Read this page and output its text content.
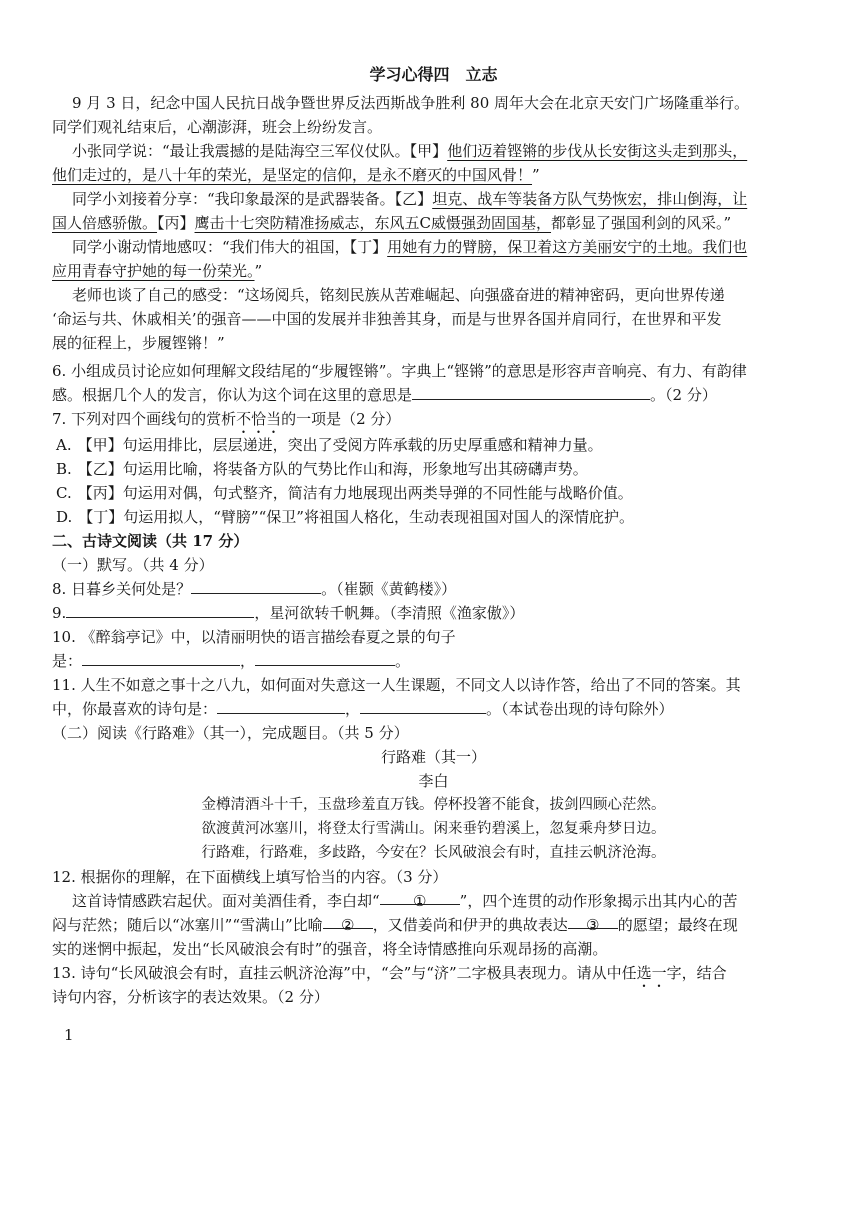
学习心得四　立志
9 月 3 日，纪念中国人民抗日战争暨世界反法西斯战争胜利 80 周年大会在北京天安门广场隆重举行。
同学们观礼结束后，心潮澎湃，班会上纷纷发言。
小张同学说：“最让我震撼的是陆海空三军仪仗队。【甲】他们迈着铿锵的步伐从长安街这头走到那头，
他们走过的，是八十年的荣光，是坚定的信仰，是永不磨灭的中国风骨！”
同学小刘接着分享：“我印象最深的是武器装备。【乙】坦克、战车等装备方队气势恢宏，排山倒海，让
国人倍感骄傲。【丙】鹰击十七突防精准扬威志，东风五C威慑强劲固国基，都彰显了强国利剑的风采。”
同学小谢动情地感叹：“我们伟大的祖国，【丁】用她有力的臂膀，保卫着这方美丽安宁的土地。我们也
应用青春守护她的每一份荣光。”
老师也谈了自己的感受：“这场阅兵，铭刻民族从苦难崛起、向强盛奋进的精神密码，更向世界传递
‘命运与共、休戚相关’的强音——中国的发展并非独善其身，而是与世界各国并肩同行，在世界和平发
展的征程上，步履铿锵！”
6. 小组成员讨论应如何理解文段结尾的“步履铿锵”。字典上“铿锵”的意思是形容声音响亮、有力、有韵律
感。根据几个人的发言，你认为这个词在这里的意思是	。（2 分）
7. 下列对四个画线句的赏析不恰当的一项是（2 分）
A. 【甲】句运用排比，层层递进，突出了受阅方阵承载的历史厚重感和精神力量。
B. 【乙】句运用比喻，将装备方队的气势比作山和海，形象地写出其磅礴声势。
C. 【丙】句运用对偶，句式整齐，简洁有力地展现出两类导弹的不同性能与战略价值。
D. 【丁】句运用拟人，“臂膀”“保卫”将祖国人格化，生动表现祖国对国人的深情庇护。
二、古诗文阅读（共 17 分）
（一）默写。（共 4 分）
8. 日暮乡关何处是？	。（崔颢《黄鹤楼》）
9.	，星河欲转千帆舞。（李清照《渔家傲》）
10. 《醉翁亭记》中，以清丽明快的语言描绘春夏之景的句子
是：	，	。
11. 人生不如意之事十之八九，如何面对失意这一人生课题，不同文人以诗作答，给出了不同的答案。其
中，你最喜欢的诗句是：	，	。（本试卷出现的诗句除外）
（二）阅读《行路难》（其一），完成题目。（共 5 分）
行路难（其一）
李白
金樽清酒斗十千，玉盘珍羞直万钱。停杯投箸不能食，拔剑四顾心茫然。
欲渡黄河冰塞川，将登太行雪满山。闲来垂钓碧溪上，忽复乘舟梦日边。
行路难，行路难，多歧路，今安在？长风破浪会有时，直挂云帆济沧海。
12. 根据你的理解，在下面横线上填写恰当的内容。（3 分）
这首诗情感跌宕起伏。面对美酒佳肴，李白却“ ① ”，四个连贯的动作形象揭示出其内心的苦
闷与茫然；随后以“冰塞川”“雪满山”比喻 ② ，又借姜尚和伊尹的典故表达 ③ 的愿望；最终在现
实的迷惘中振起，发出“长风破浪会有时”的强音，将全诗情感推向乐观昂扬的高潮。
13. 诗句“长风破浪会有时，直挂云帆济沧海”中，“会”与“济”二字极具表现力。请从中任选一字，结合
诗句内容，分析该字的表达效果。（2 分）
1
